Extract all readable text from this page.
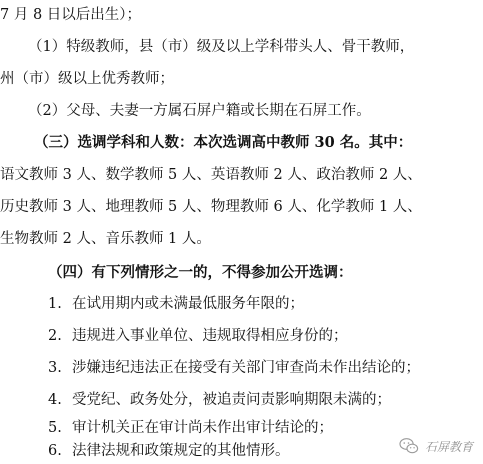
7 月 8 日以后出生）；
（1）特级教师，县（市）级及以上学科带头人、骨干教师，
州（市）级以上优秀教师；
（2）父母、夫妻一方属石屏户籍或长期在石屏工作。
（三）选调学科和人数：本次选调高中教师 30 名。其中：
语文教师 3 人、数学教师 5 人、英语教师 2 人、政治教师 2 人、
历史教师 3 人、地理教师 5 人、物理教师 6 人、化学教师 1 人、
生物教师 2 人、音乐教师 1 人。
（四）有下列情形之一的，不得参加公开选调：
1. 在试用期内或未满最低服务年限的；
2. 违规进入事业单位、违规取得相应身份的；
3. 涉嫌违纪违法正在接受有关部门审查尚未作出结论的；
4. 受党纪、政务处分，被追责问责影响期限未满的；
5. 审计机关正在审计尚未作出审计结论的；
6. 法律法规和政策规定的其他情形。	石屏教育
